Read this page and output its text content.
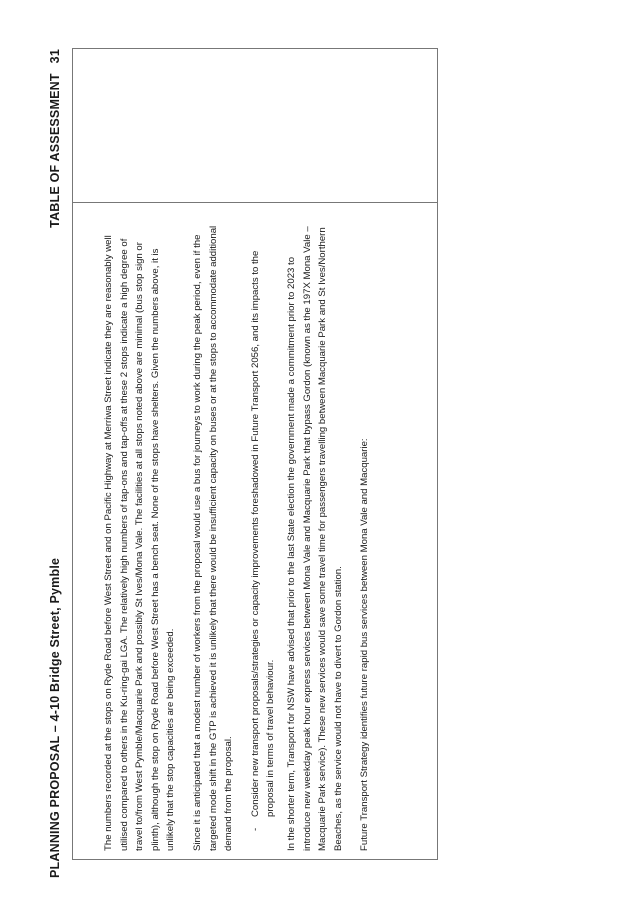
PLANNING PROPOSAL – 4-10 Bridge Street, Pymble
TABLE OF ASSESSMENT31

The numbers recorded at the stops on Ryde Road before West Street and on Pacific Highway at Merriwa Street indicate they are reasonably well utilised compared to others in the Ku-ring-gai LGA. The relatively high numbers of tap-ons and tap-offs at these 2 stops indicate a high degree of travel to/from West Pymble/Macquarie Park and possibly St Ives/Mona Vale. The facilities at all stops noted above are minimal (bus stop sign or plinth), although the stop on Ryde Road before West Street has a bench seat. None of the stops have shelters. Given the numbers above, it is unlikely that the stop capacities are being exceeded. Since it is anticipated that a modest number of workers from the proposal would use a bus for journeys to work during the peak period, even if the targeted mode shift in the GTP is achieved it is unlikely that there would be insufficient capacity on buses or at the stops to accommodate additional demand from the proposal. -
Consider new transport proposals/strategies or capacity improvements foreshadowed in Future Transport 2056, and its impacts to the proposal in terms of travel behaviour. In the shorter term, Transport for NSW have advised that prior to the last State election the government made a commitment prior to 2023 to introduce new weekday peak hour express services between Mona Vale and Macquarie Park that bypass Gordon (known as the 197X Mona Vale – Macquarie Park service). These new services would save some travel time for passengers travelling between Macquarie Park and St Ives/Northern Beaches, as the service would not have to divert to Gordon station. Future Transport Strategy identifies future rapid bus services between Mona Vale and Macquarie:
